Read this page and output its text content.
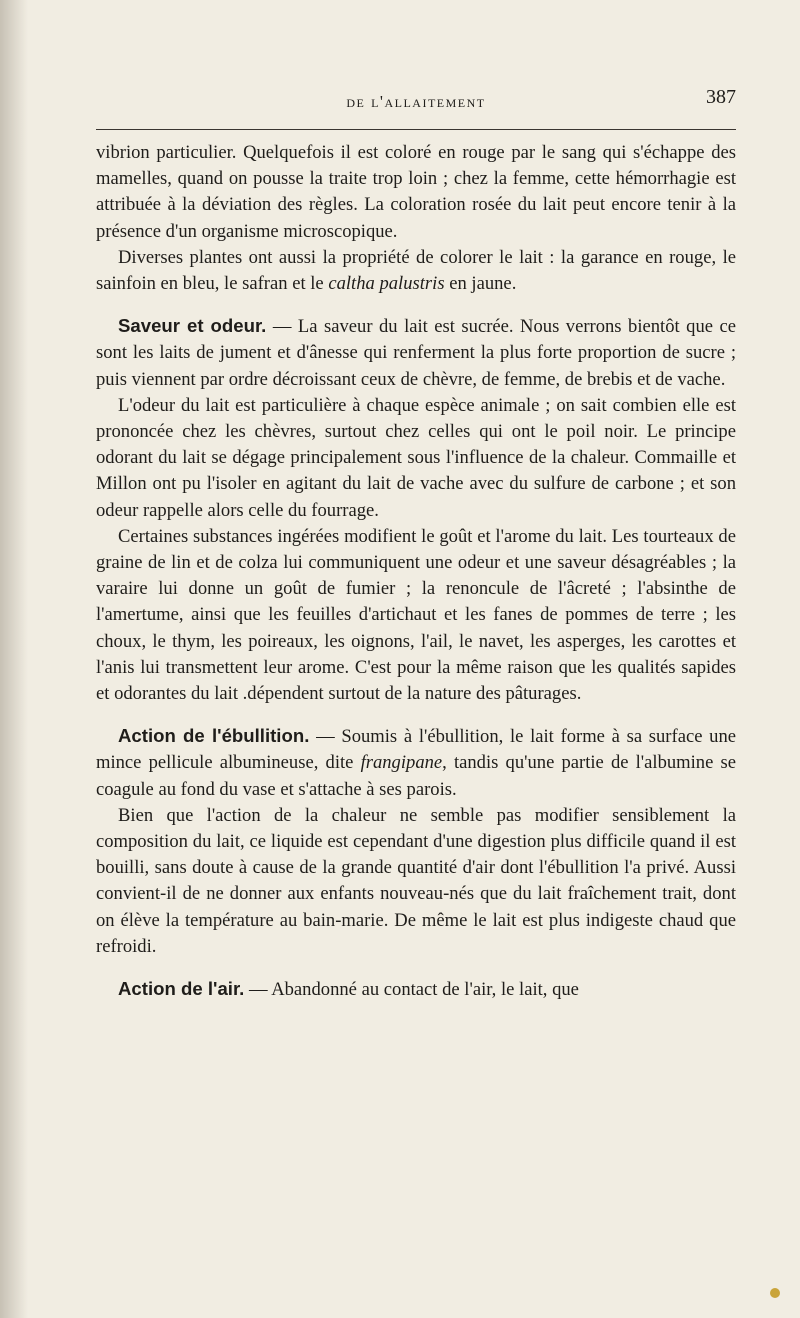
de l'allaitement	387

vibrion particulier. Quelquefois il est coloré en rouge par le sang qui s'échappe des mamelles, quand on pousse la traite trop loin ; chez la femme, cette hémorrhagie est attribuée à la déviation des règles. La coloration rosée du lait peut encore tenir à la présence d'un organisme microscopique.

Diverses plantes ont aussi la propriété de colorer le lait : la garance en rouge, le sainfoin en bleu, le safran et le caltha palustris en jaune.

Saveur et odeur. — La saveur du lait est sucrée. Nous verrons bientôt que ce sont les laits de jument et d'ânesse qui renferment la plus forte proportion de sucre ; puis viennent par ordre décroissant ceux de chèvre, de femme, de brebis et de vache.

L'odeur du lait est particulière à chaque espèce animale ; on sait combien elle est prononcée chez les chèvres, surtout chez celles qui ont le poil noir. Le principe odorant du lait se dégage principalement sous l'influence de la chaleur. Commaille et Millon ont pu l'isoler en agitant du lait de vache avec du sulfure de carbone ; et son odeur rappelle alors celle du fourrage.

Certaines substances ingérées modifient le goût et l'arome du lait. Les tourteaux de graine de lin et de colza lui communiquent une odeur et une saveur désagréables ; la varaire lui donne un goût de fumier ; la renoncule de l'âcreté ; l'absinthe de l'amertume, ainsi que les feuilles d'artichaut et les fanes de pommes de terre ; les choux, le thym, les poireaux, les oignons, l'ail, le navet, les asperges, les carottes et l'anis lui transmettent leur arome. C'est pour la même raison que les qualités sapides et odorantes du lait .dépendent surtout de la nature des pâturages.

Action de l'ébullition. — Soumis à l'ébullition, le lait forme à sa surface une mince pellicule albumineuse, dite frangipane, tandis qu'une partie de l'albumine se coagule au fond du vase et s'attache à ses parois.

Bien que l'action de la chaleur ne semble pas modifier sensiblement la composition du lait, ce liquide est cependant d'une digestion plus difficile quand il est bouilli, sans doute à cause de la grande quantité d'air dont l'ébullition l'a privé. Aussi convient-il de ne donner aux enfants nouveau-nés que du lait fraîchement trait, dont on élève la température au bain-marie. De même le lait est plus indigeste chaud que refroidi.

Action de l'air. — Abandonné au contact de l'air, le lait, que
